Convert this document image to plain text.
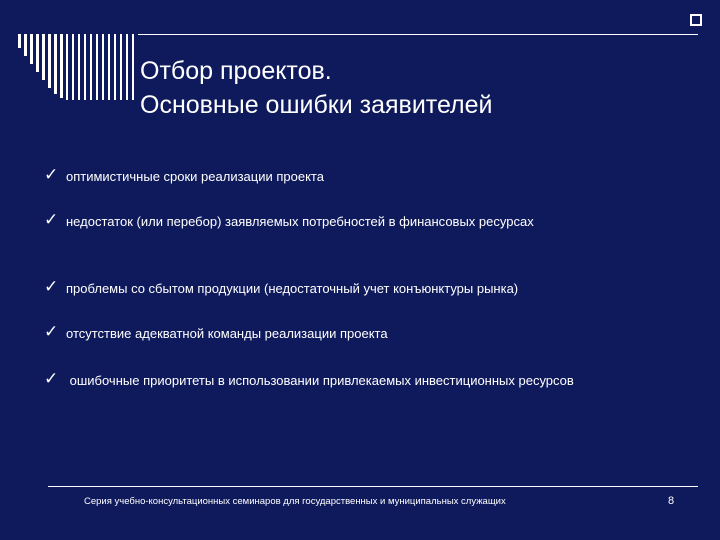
Отбор проектов.
Основные ошибки заявителей
✓ оптимистичные сроки реализации проекта
✓ недостаток (или перебор) заявляемых потребностей в финансовых ресурсах
✓ проблемы со сбытом продукции (недостаточный учет конъюнктуры рынка)
✓ отсутствие адекватной команды реализации проекта
✓ ошибочные приоритеты в использовании привлекаемых инвестиционных ресурсов
Серия учебно-консультационных семинаров для государственных и муниципальных служащих	8
